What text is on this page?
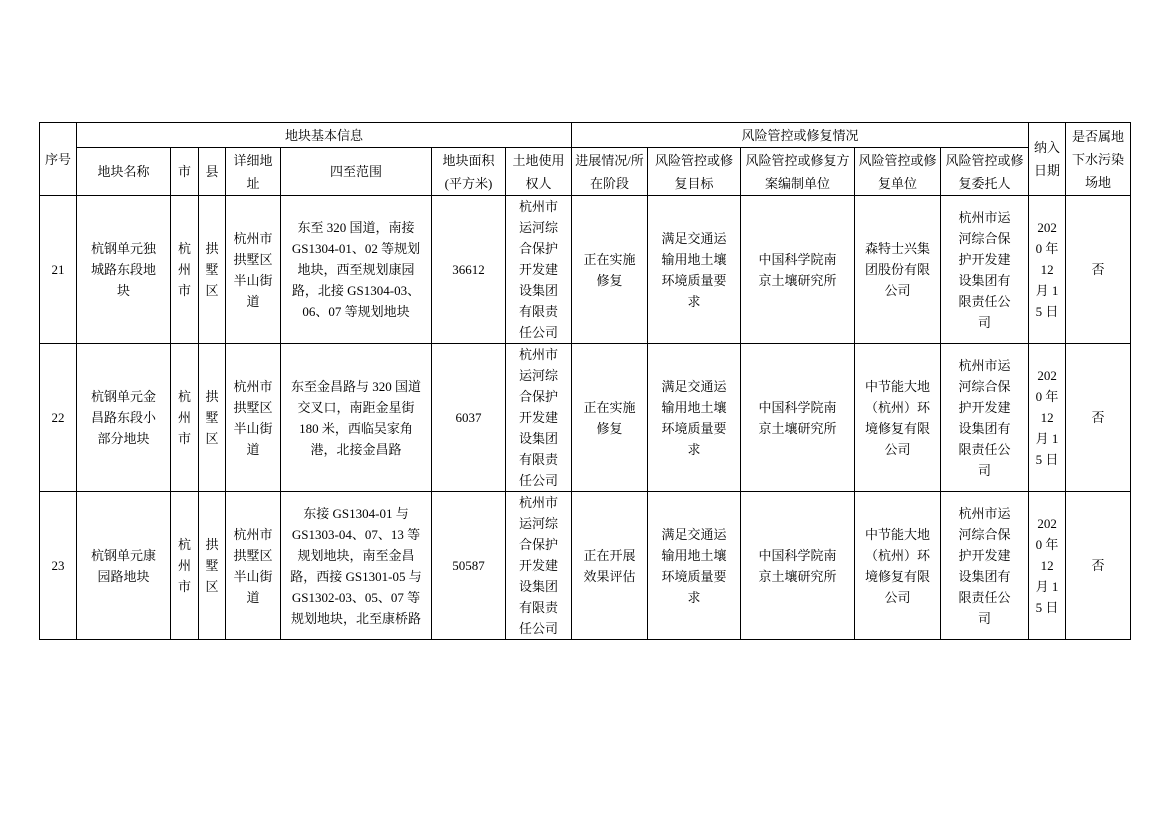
序号	地块基本信息							风险管控或修复情况					纳入日期	是否属地下水污染场地
	地块名称	市	县	详细地址	四至范围	地块面积(平方米)	土地使用权人	进展情况/所在阶段	风险管控或修复目标	风险管控或修复方案编制单位	风险管控或修复单位	风险管控或修复委托人		
21	杭钢单元独城路东段地块	杭州市	拱墅区	杭州市拱墅区半山街道	东至 320 国道，南接 GS1304-01、02 等规划地块，西至规划康园路，北接 GS1304-03、06、07 等规划地块	36612	杭州市运河综合保护开发建设集团有限责任公司	正在实施修复	满足交通运输用地土壤环境质量要求	中国科学院南京土壤研究所	森特士兴集团股份有限公司	杭州市运河综合保护开发建设集团有限责任公司	2020 年 12 月 15 日	否
22	杭钢单元金昌路东段小部分地块	杭州市	拱墅区	杭州市拱墅区半山街道	东至金昌路与 320 国道交叉口，南距金星街 180 米，西临吴家角港，北接金昌路	6037	杭州市运河综合保护开发建设集团有限责任公司	正在实施修复	满足交通运输用地土壤环境质量要求	中国科学院南京土壤研究所	中节能大地（杭州）环境修复有限公司	杭州市运河综合保护开发建设集团有限责任公司	2020 年 12 月 15 日	否
23	杭钢单元康园路地块	杭州市	拱墅区	杭州市拱墅区半山街道	东接 GS1304-01 与 GS1303-04、07、13 等规划地块，南至金昌路，西接 GS1301-05 与 GS1302-03、05、07 等规划地块，北至康桥路	50587	杭州市运河综合保护开发建设集团有限责任公司	正在开展效果评估	满足交通运输用地土壤环境质量要求	中国科学院南京土壤研究所	中节能大地（杭州）环境修复有限公司	杭州市运河综合保护开发建设集团有限责任公司	2020 年 12 月 15 日	否
